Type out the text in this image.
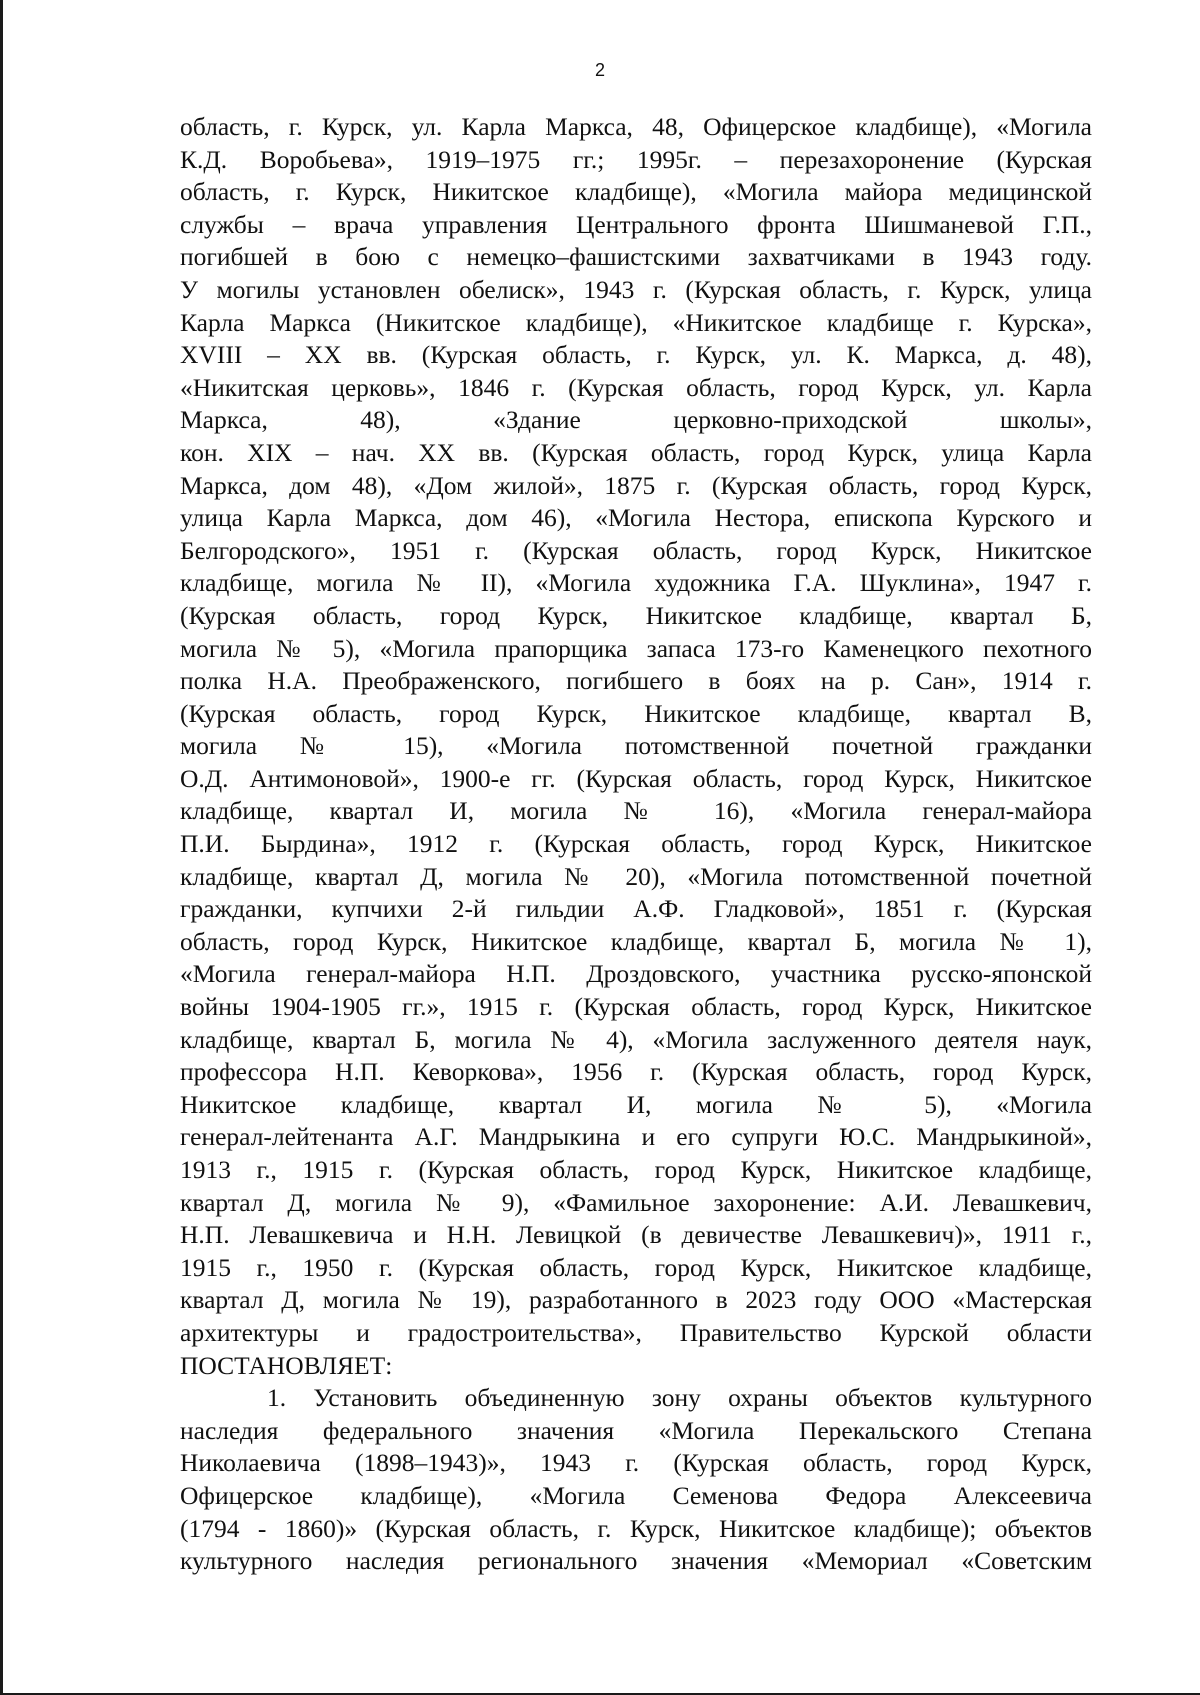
2
область, г. Курск, ул. Карла Маркса, 48, Офицерское кладбище), «Могила
К.Д. Воробьева», 1919–1975 гг.; 1995г. – перезахоронение (Курская
область, г. Курск, Никитское кладбище), «Могила майора медицинской
службы – врача управления Центрального фронта Шишманевой Г.П.,
погибшей в бою с немецко–фашистскими захватчиками в 1943 году.
У могилы установлен обелиск», 1943 г. (Курская область, г. Курск, улица
Карла Маркса (Никитское кладбище), «Никитское кладбище г. Курска»,
XVIII – XX вв. (Курская область, г. Курск, ул. К. Маркса, д. 48),
«Никитская церковь», 1846 г. (Курская область, город Курск, ул. Карла
Маркса, 48), «Здание церковно-приходской школы»,
кон. XIX – нач. XX вв. (Курская область, город Курск, улица Карла
Маркса, дом 48), «Дом жилой», 1875 г. (Курская область, город Курск,
улица Карла Маркса, дом 46), «Могила Нестора, епископа Курского и
Белгородского», 1951 г. (Курская область, город Курск, Никитское
кладбище, могила № II), «Могила художника Г.А. Шуклина», 1947 г.
(Курская область, город Курск, Никитское кладбище, квартал Б,
могила № 5), «Могила прапорщика запаса 173-го Каменецкого пехотного
полка Н.А. Преображенского, погибшего в боях на р. Сан», 1914 г.
(Курская область, город Курск, Никитское кладбище, квартал В,
могила № 15), «Могила потомственной почетной гражданки
О.Д. Антимоновой», 1900-е гг. (Курская область, город Курск, Никитское
кладбище, квартал И, могила № 16), «Могила генерал-майора
П.И. Бырдина», 1912 г. (Курская область, город Курск, Никитское
кладбище, квартал Д, могила № 20), «Могила потомственной почетной
гражданки, купчихи 2-й гильдии А.Ф. Гладковой», 1851 г. (Курская
область, город Курск, Никитское кладбище, квартал Б, могила № 1),
«Могила генерал-майора Н.П. Дроздовского, участника русско-японской
войны 1904-1905 гг.», 1915 г. (Курская область, город Курск, Никитское
кладбище, квартал Б, могила № 4), «Могила заслуженного деятеля наук,
профессора Н.П. Кеворкова», 1956 г. (Курская область, город Курск,
Никитское кладбище, квартал И, могила № 5), «Могила
генерал-лейтенанта А.Г. Мандрыкина и его супруги Ю.С. Мандрыкиной»,
1913 г., 1915 г. (Курская область, город Курск, Никитское кладбище,
квартал Д, могила № 9), «Фамильное захоронение: А.И. Левашкевич,
Н.П. Левашкевича и Н.Н. Левицкой (в девичестве Левашкевич)», 1911 г.,
1915 г., 1950 г. (Курская область, город Курск, Никитское кладбище,
квартал Д, могила № 19), разработанного в 2023 году ООО «Мастерская
архитектуры и градостроительства», Правительство Курской области
ПОСТАНОВЛЯЕТ:
1. Установить объединенную зону охраны объектов культурного
наследия федерального значения «Могила Перекальского Степана
Николаевича (1898–1943)», 1943 г. (Курская область, город Курск,
Офицерское кладбище), «Могила Семенова Федора Алексеевича
(1794 - 1860)» (Курская область, г. Курск, Никитское кладбище); объектов
культурного наследия регионального значения «Мемориал «Советским
